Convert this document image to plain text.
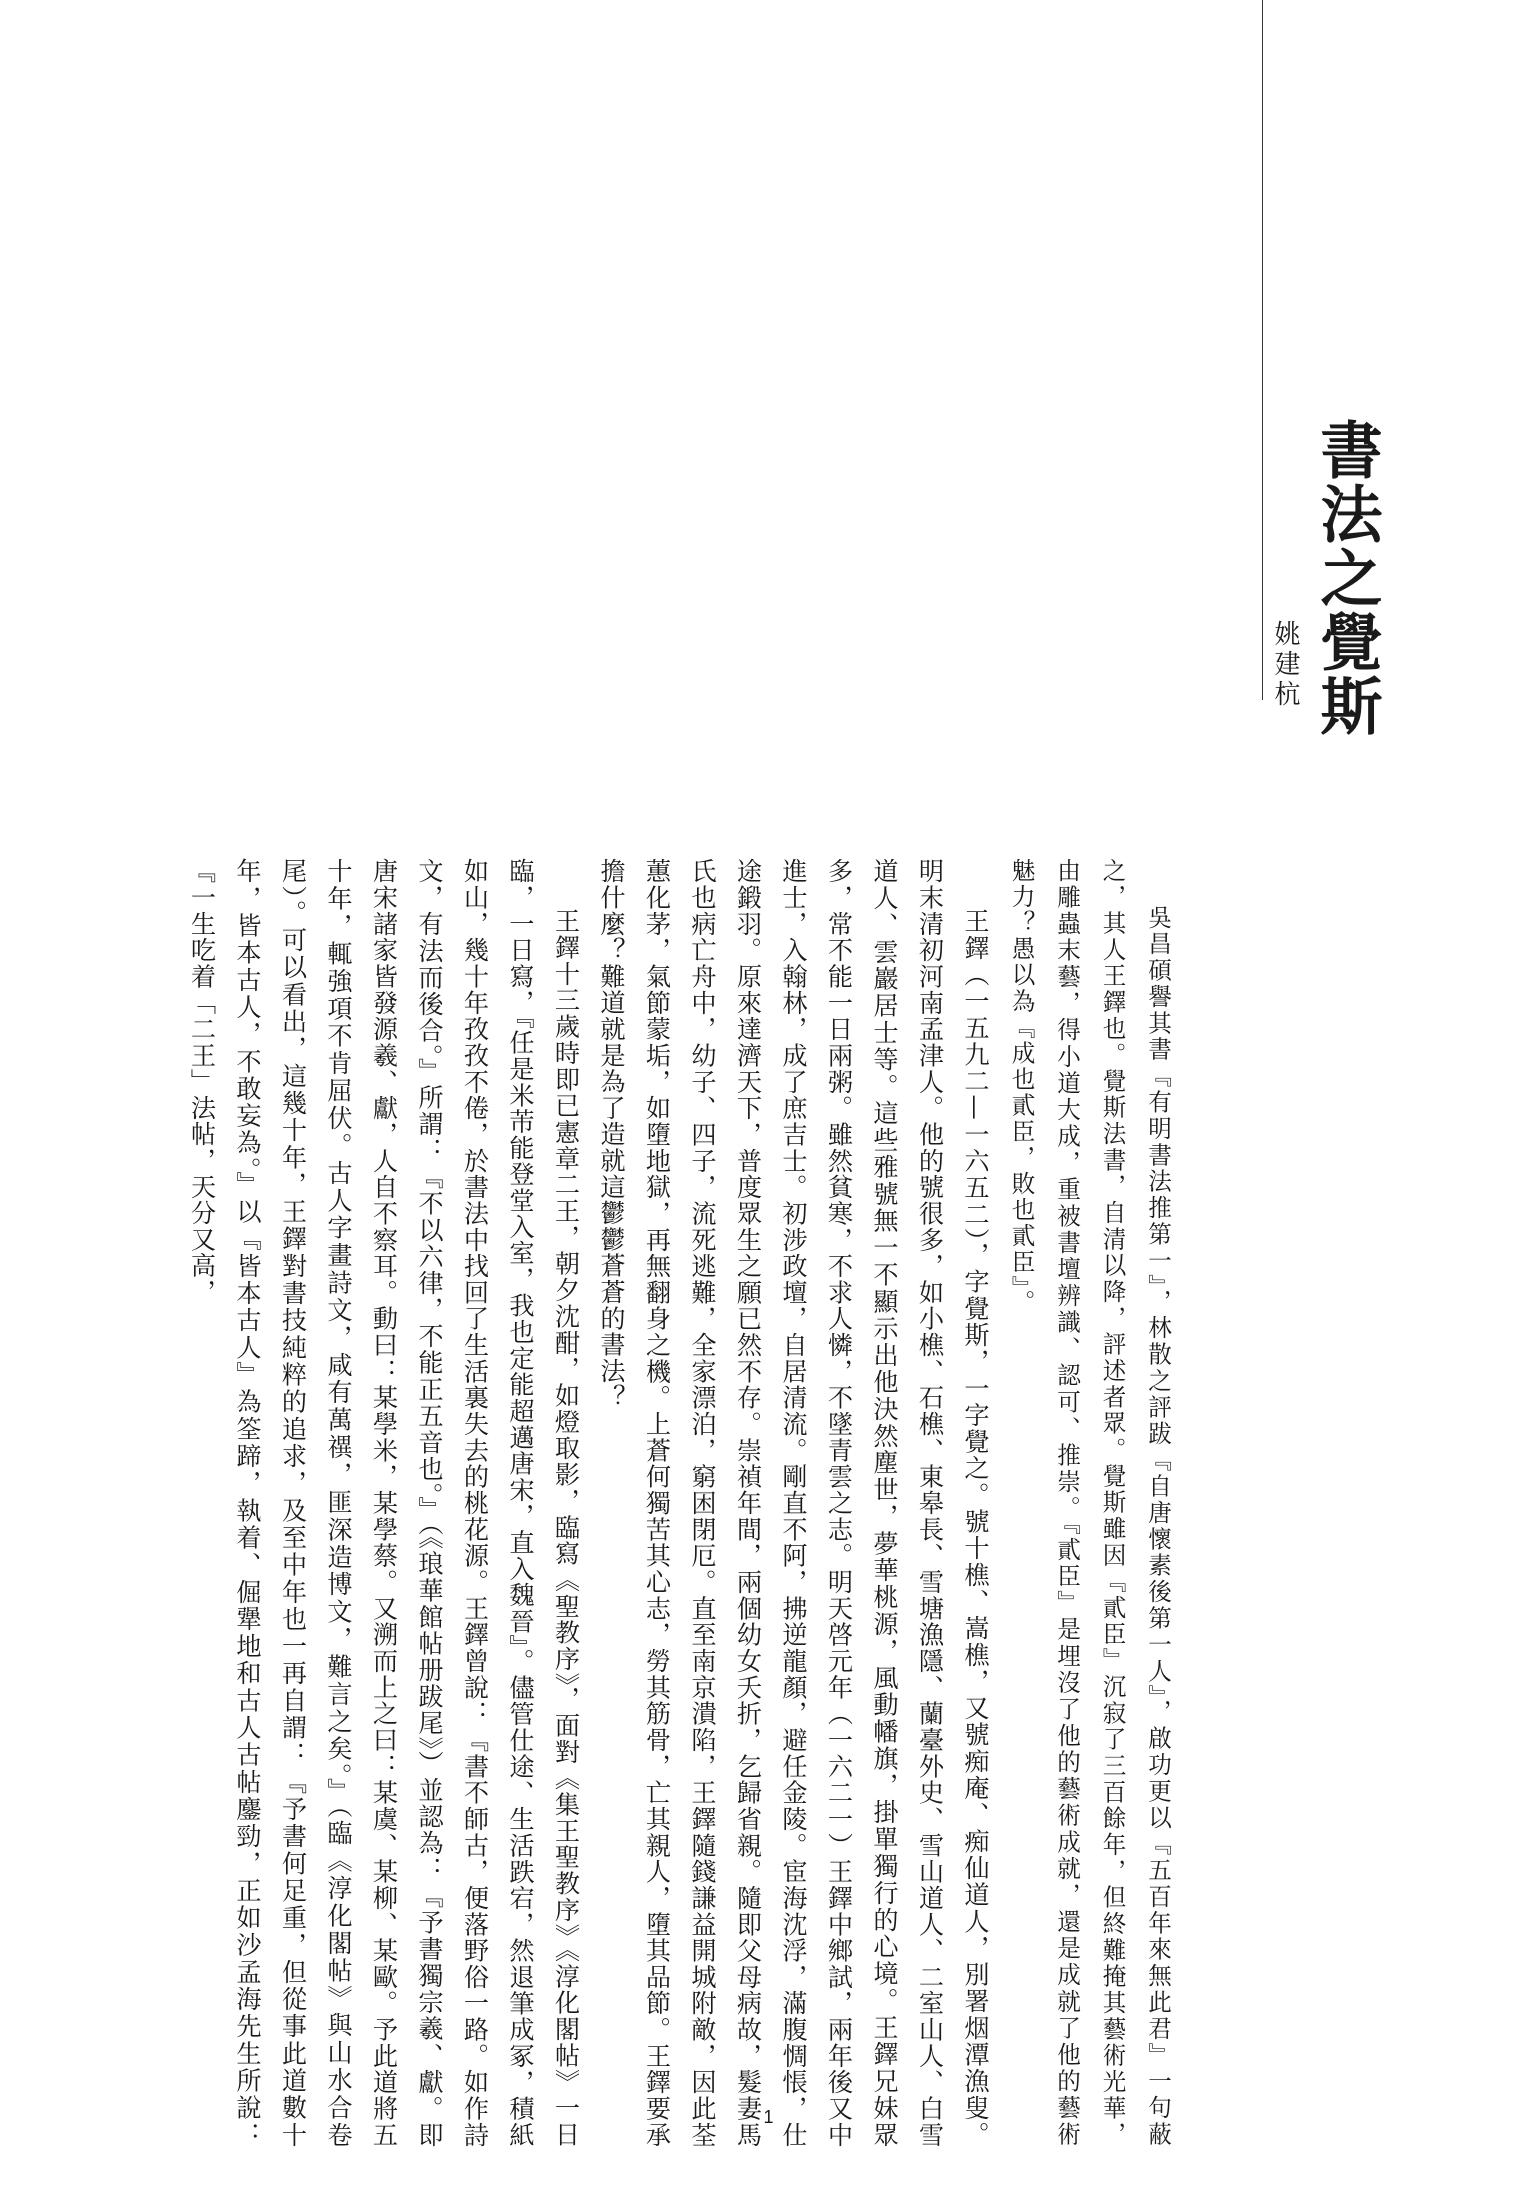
書法之覺斯
姚建杭

吳昌碩譽其書『有明書法推第一』，林散之評跋『自唐懷素後第一人』，啟功更以『五百年來無此君』一句蔽之，其人王鐸也。覺斯法書，自清以降，評述者眾。覺斯雖因『貳臣』沉寂了三百餘年，但終難掩其藝術光華，由雕蟲末藝，得小道大成，重被書壇辨識、認可、推崇。『貳臣』是埋沒了他的藝術成就，還是成就了他的藝術魅力？愚以為『成也貳臣，敗也貳臣』。

王鐸（一五九二—一六五二），字覺斯，一字覺之。號十樵、嵩樵，又號痴庵、痴仙道人，別署烟潭漁叟。明末清初河南孟津人。他的號很多，如小樵、石樵、東皋長、雪塘漁隱、蘭臺外史、雪山道人、二室山人、白雪道人、雲巖居士等。這些雅號無一不顯示出他決然塵世，夢華桃源，風動幡旗，掛單獨行的心境。王鐸兄妹眾多，常不能一日兩粥。雖然貧寒，不求人憐，不墜青雲之志。明天啓元年（一六二一）王鐸中鄉試，兩年後又中進士，入翰林，成了庶吉士。初涉政壇，自居清流。剛直不阿，拂逆龍顏，避任金陵。宦海沈浮，滿腹惆悵，仕途鍛羽。原來達濟天下，普度眾生之願已然不存。崇禎年間，兩個幼女夭折，乞歸省親。隨即父母病故，髮妻馬氏也病亡舟中，幼子、四子，流死逃難，全家漂泊，窮困閉厄。直至南京潰陷，王鐸隨錢謙益開城附敵，因此荃蕙化茅，氣節蒙垢，如墮地獄，再無翻身之機。上蒼何獨苦其心志，勞其筋骨，亡其親人，墮其品節。王鐸要承擔什麼？難道就是為了造就這鬱鬱蒼蒼的書法？

王鐸十三歲時即已憲章二王，朝夕沈酣，如燈取影，臨寫《聖教序》，面對《集王聖教序》《淳化閣帖》一日臨，一日寫，『任是米芾能登堂入室，我也定能超邁唐宋，直入魏晉』。儘管仕途、生活跌宕，然退筆成冢，積紙如山，幾十年孜孜不倦，於書法中找回了生活裏失去的桃花源。王鐸曾說：『書不師古，便落野俗一路。如作詩文，有法而後合。』所謂：『不以六律，不能正五音也。』（《琅華館帖册跋尾》）並認為：『予書獨宗羲、獻。即唐宋諸家皆發源羲、獻，人自不察耳。動曰：某學米，某學蔡。又溯而上之曰：某虞、某柳、某歐。予此道將五十年，輒強項不肯屈伏。古人字畫詩文，咸有萬禩，匪深造博文，難言之矣。』（臨《淳化閣帖》與山水合卷尾）。可以看出，這幾十年，王鐸對書技純粹的追求，及至中年也一再自謂：『予書何足重，但從事此道數十年，皆本古人，不敢妄為。』以『皆本古人』為筌蹄，執着、倔犟地和古人古帖鏖勁，正如沙孟海先生所說：『一生吃着「二王」法帖，天分又高，

1
